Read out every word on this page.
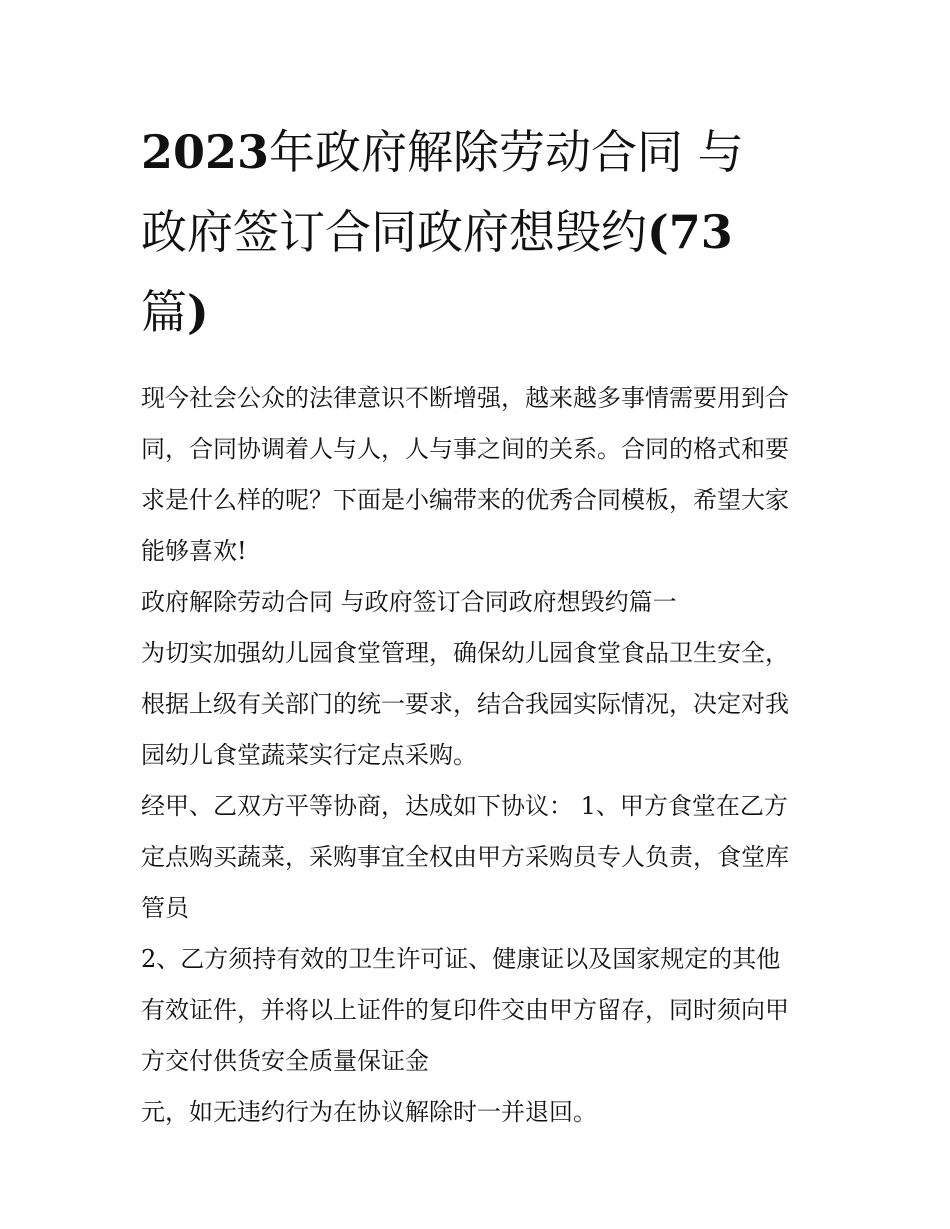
2023年政府解除劳动合同 与
政府签订合同政府想毁约(73
篇)

现今社会公众的法律意识不断增强，越来越多事情需要用到合
同，合同协调着人与人，人与事之间的关系。合同的格式和要
求是什么样的呢？下面是小编带来的优秀合同模板，希望大家
能够喜欢!

政府解除劳动合同 与政府签订合同政府想毁约篇一

为切实加强幼儿园食堂管理，确保幼儿园食堂食品卫生安全，
根据上级有关部门的统一要求，结合我园实际情况，决定对我
园幼儿食堂蔬菜实行定点采购。

经甲、乙双方平等协商，达成如下协议： 1、甲方食堂在乙方
定点购买蔬菜，采购事宜全权由甲方采购员专人负责，食堂库
管员

2、乙方须持有效的卫生许可证、健康证以及国家规定的其他
有效证件，并将以上证件的复印件交由甲方留存，同时须向甲
方交付供货安全质量保证金

元，如无违约行为在协议解除时一并退回。
